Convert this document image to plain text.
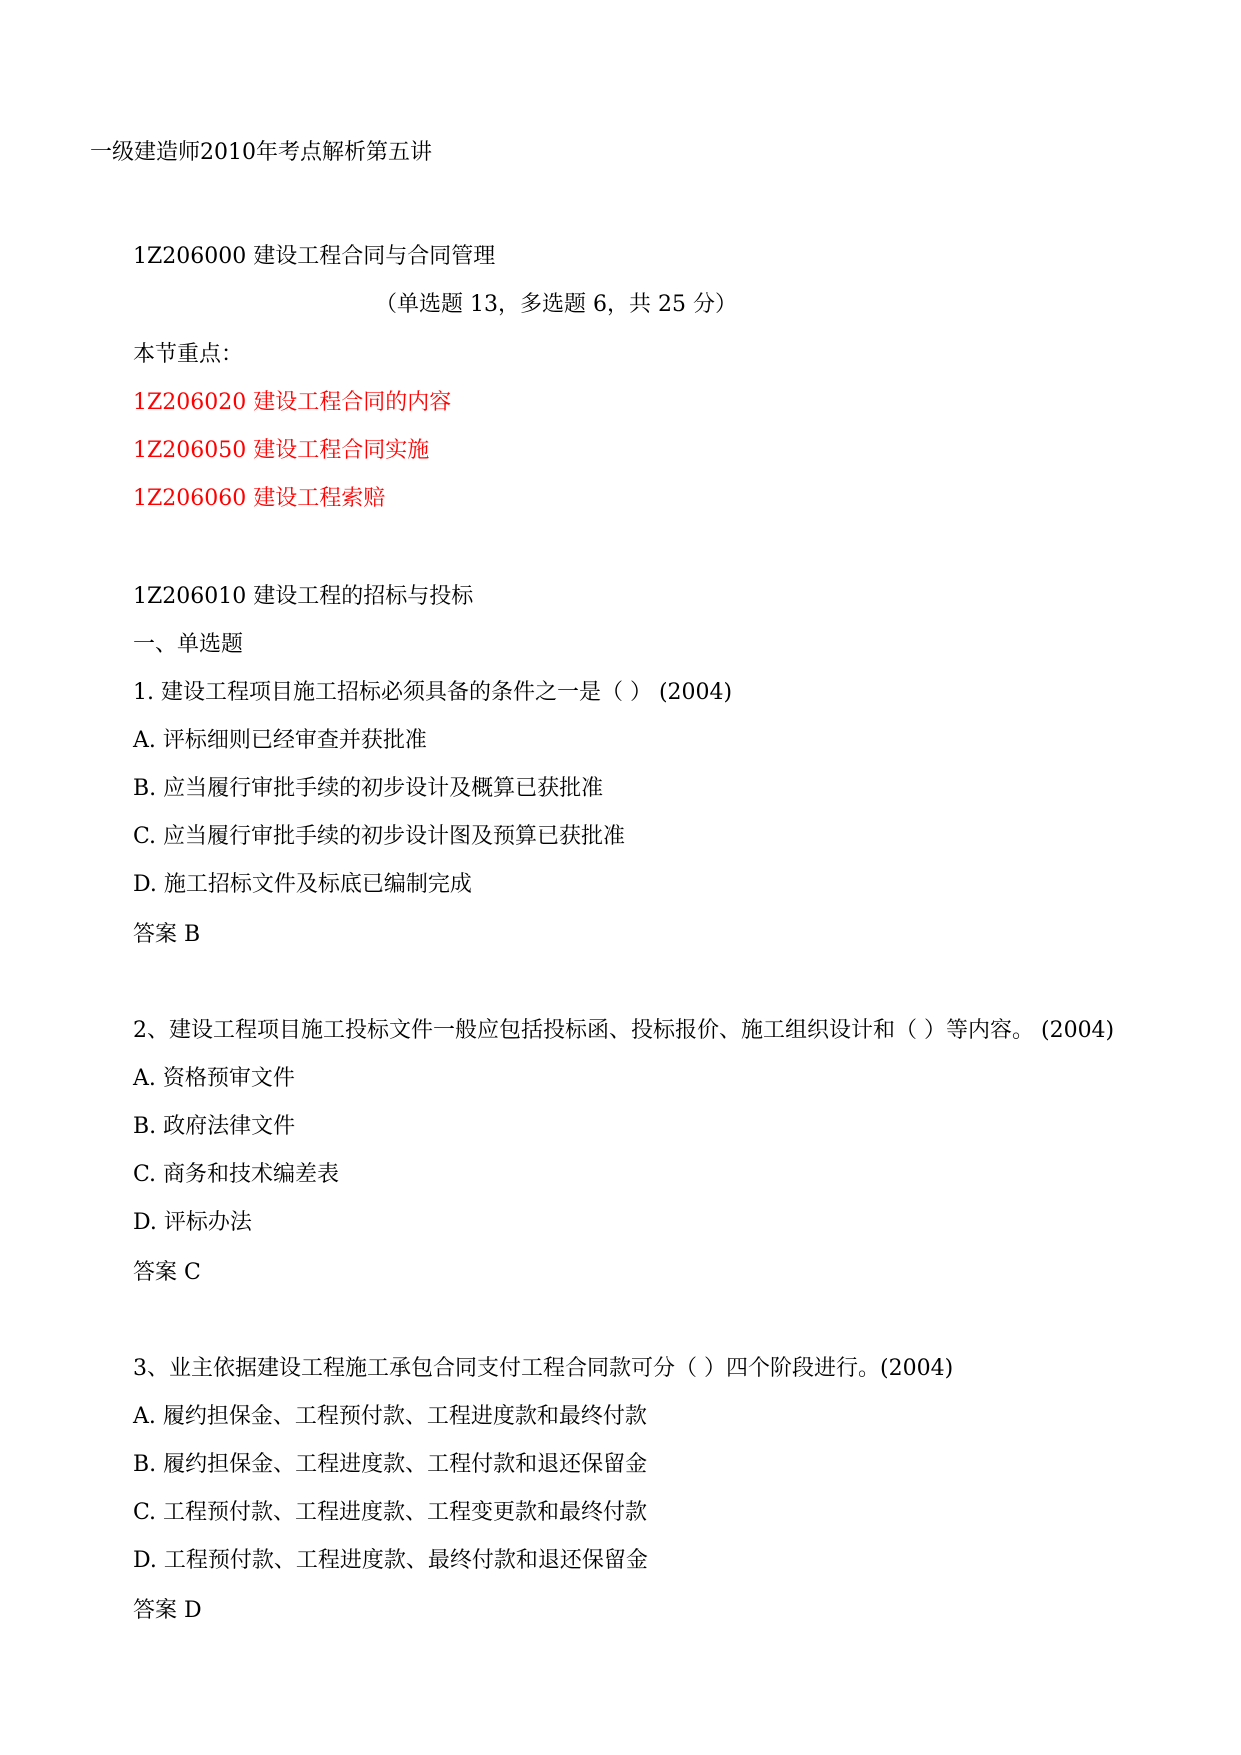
一级建造师2010年考点解析第五讲
1Z206000 建设工程合同与合同管理
（单选题 13，多选题 6，共 25 分）
本节重点：
1Z206020 建设工程合同的内容
1Z206050 建设工程合同实施
1Z206060 建设工程索赔
1Z206010 建设工程的招标与投标
一、单选题
1. 建设工程项目施工招标必须具备的条件之一是（ ） (2004)
A. 评标细则已经审查并获批准
B. 应当履行审批手续的初步设计及概算已获批准
C. 应当履行审批手续的初步设计图及预算已获批准
D. 施工招标文件及标底已编制完成
答案 B
2、建设工程项目施工投标文件一般应包括投标函、投标报价、施工组织设计和（ ）等内容。 (2004)
A. 资格预审文件
B. 政府法律文件
C. 商务和技术编差表
D. 评标办法
答案 C
3、业主依据建设工程施工承包合同支付工程合同款可分（ ）四个阶段进行。(2004)
A. 履约担保金、工程预付款、工程进度款和最终付款
B. 履约担保金、工程进度款、工程付款和退还保留金
C. 工程预付款、工程进度款、工程变更款和最终付款
D. 工程预付款、工程进度款、最终付款和退还保留金
答案 D
